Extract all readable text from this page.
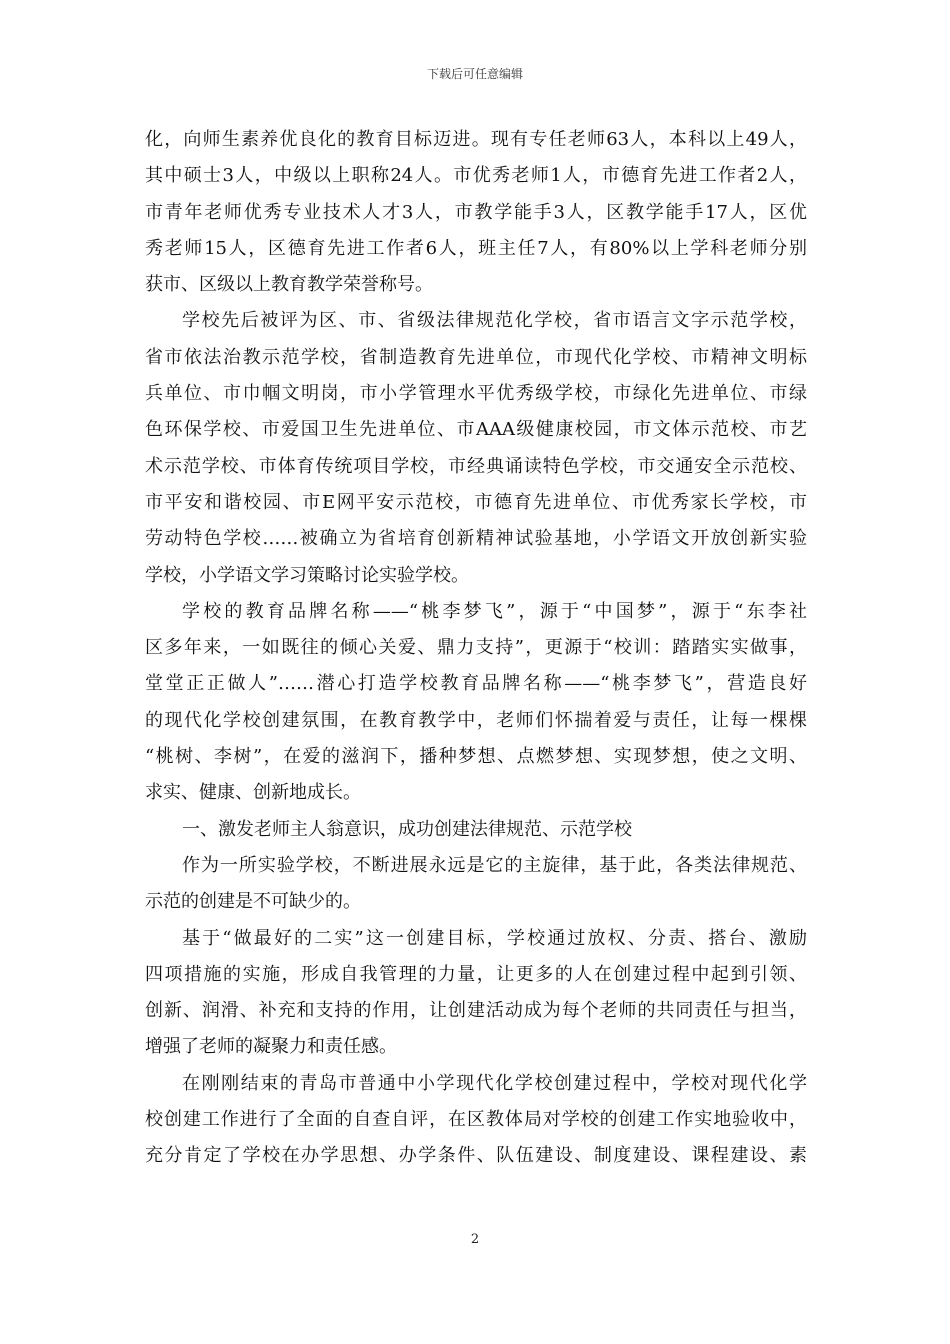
下载后可任意编辑
化，向师生素养优良化的教育目标迈进。现有专任老师63人，本科以上49人，
其中硕士3人，中级以上职称24人。市优秀老师1人，市德育先进工作者2人，
市青年老师优秀专业技术人才3人，市教学能手3人，区教学能手17人，区优
秀老师15人，区德育先进工作者6人，班主任7人，有80%以上学科老师分别
获市、区级以上教育教学荣誉称号。
学校先后被评为区、市、省级法律规范化学校，省市语言文字示范学校，
省市依法治教示范学校，省制造教育先进单位，市现代化学校、市精神文明标
兵单位、市巾帼文明岗，市小学管理水平优秀级学校，市绿化先进单位、市绿
色环保学校、市爱国卫生先进单位、市AAA级健康校园，市文体示范校、市艺
术示范学校、市体育传统项目学校，市经典诵读特色学校，市交通安全示范校、
市平安和谐校园、市E网平安示范校，市德育先进单位、市优秀家长学校，市
劳动特色学校……被确立为省培育创新精神试验基地，小学语文开放创新实验
学校，小学语文学习策略讨论实验学校。
学校的教育品牌名称——“桃李梦飞”，源于“中国梦”，源于“东李社
区多年来，一如既往的倾心关爱、鼎力支持”，更源于“校训：踏踏实实做事，
堂堂正正做人”……潜心打造学校教育品牌名称——“桃李梦飞”，营造良好
的现代化学校创建氛围，在教育教学中，老师们怀揣着爱与责任，让每一棵棵
“桃树、李树”，在爱的滋润下，播种梦想、点燃梦想、实现梦想，使之文明、
求实、健康、创新地成长。
一、激发老师主人翁意识，成功创建法律规范、示范学校
作为一所实验学校，不断进展永远是它的主旋律，基于此，各类法律规范、
示范的创建是不可缺少的。
基于“做最好的二实”这一创建目标，学校通过放权、分责、搭台、激励
四项措施的实施，形成自我管理的力量，让更多的人在创建过程中起到引领、
创新、润滑、补充和支持的作用，让创建活动成为每个老师的共同责任与担当，
增强了老师的凝聚力和责任感。
在刚刚结束的青岛市普通中小学现代化学校创建过程中，学校对现代化学
校创建工作进行了全面的自查自评，在区教体局对学校的创建工作实地验收中，
充分肯定了学校在办学思想、办学条件、队伍建设、制度建设、课程建设、素
2
